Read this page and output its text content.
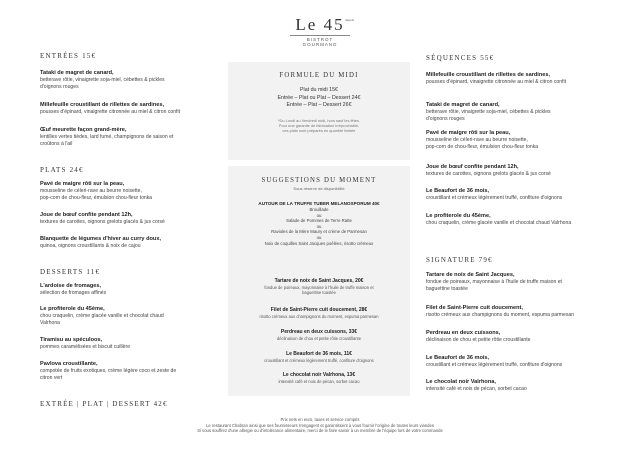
Le 45 depuis
BISTROT GOURMAND
ENTRÉES 15€
Tataki de magret de canard,
betterave rôtie, vinaigrette soja-miel, cébettes & pickles
d'oignons rouges
Millefeuille croustillant de rillettes de sardines,
pousses d'épinard, vinaigrette citronnée au miel & citron confit
Œuf meurette façon grand-mère,
lentilles vertes tièdes, lard fumé, champignons de saison et
croûtons à l'ail
PLATS 24€
Pavé de maigre rôti sur la peau,
mousseline de céleri-rave au beurre noisette,
pop-corn de chou-fleur, émulsion chou-fleur tonka
Joue de bœuf confite pendant 12h,
textures de carottes, oignons grelots glacés & jus corsé
Blanquette de légumes d'hiver au curry doux,
quinoa, oignons croustillants & noix de cajou
DESSERTS 11€
L'ardoise de fromages,
sélection de fromages affinés
Le profiterole du 45ème,
chou craquelin, crème glacée vanille et chocolat chaud
Valrhona
Tiramisu au spéculoos,
pommes caramélisées et biscuit cuillère
Pavlova croustillante,
compotée de fruits exotiques, crème légère coco et zeste de
citron vert
EXTRÉE | PLAT | DESSERT 42€
FORMULE DU MIDI
Plat du midi 15€
Entrée – Plat ou Plat – Dessert 24€
Entrée – Plat – Dessert 26€
*Du Lundi au Vendredi midi, hors sauf les fêtes.
Pour une garantie de fabrication irréprochable,
ces plats sont préparés en quantité limitée
SUGGESTIONS DU MOMENT
Sous réserve de disponibilité
AUTOUR DE LA TRUFFE TUBER MELANOSPORUM 40€
Brouillade
ou
Salade de Pommes de Terre Ratte
ou
Ravioles de la Mère Maury et crème de Parmesan
ou
Noix de coquilles Saint Jacques poêlées, risotto crémeux
Tartare de noix de Saint Jacques, 20€
fondue de poireaux, mayonnaise à l'huile de truffe maison et
baguettine toastée
Filet de Saint-Pierre cuit doucement, 28€
risotto crémeux aux champignons du moment, espuma parmesan
Perdreau en deux cuissons, 33€
déclinaison de chou et petite rôtie croustillante
Le Beaufort de 36 mois, 11€
croustillant et crémeux légèrement truffé, confiture d'oignons
Le chocolat noir Valrhona, 13€
intensité café et noix de pécan, sorbet cacao
SÉQUENCES 55€
Millefeuille croustillant de rillettes de sardines,
pousses d'épinard, vinaigrette citronnée au miel & citron confit
Tataki de magret de canard,
betterave rôtie, vinaigrette soja-miel, cébettes & pickles
d'oignons rouges
Pavé de maigre rôti sur la peau,
mousseline de céleri-rave au beurre noisette,
pop-corn de chou-fleur, émulsion chou-fleur tonka
Joue de bœuf confite pendant 12h,
textures de carottes, oignons grelots glacés & jus corsé
Le Beaufort de 36 mois,
croustillant et crémeux légèrement truffé, confiture d'oignons
Le profiterole du 45ème,
chou craquelin, crème glacée vanille et chocolat chaud Valrhona
SIGNATURE 79€
Tartare de noix de Saint Jacques,
fondue de poireaux, mayonnaise à l'huile de truffe maison et
baguettine toastée
Filet de Saint-Pierre cuit doucement,
risotto crémeux aux champignons du moment, espuma parmesan
Perdreau en deux cuissons,
déclinaison de chou et petite rôtie croustillante
Le Beaufort de 36 mois,
croustillant et crémeux légèrement truffé, confiture d'oignons
Le chocolat noir Valrhona,
intensité café et noix de pécan, sorbet cacao
Prix nets en euro, taxes et service compris
Le restaurant Chabran ainsi que ses fournisseurs s'engagent et garantissent à vous fournir l'origine de toutes leurs viandes
Si vous souffrez d'une allergie ou d'intolérance alimentaire, merci de le faire savoir à un membre de l'équipe lors de votre commande
